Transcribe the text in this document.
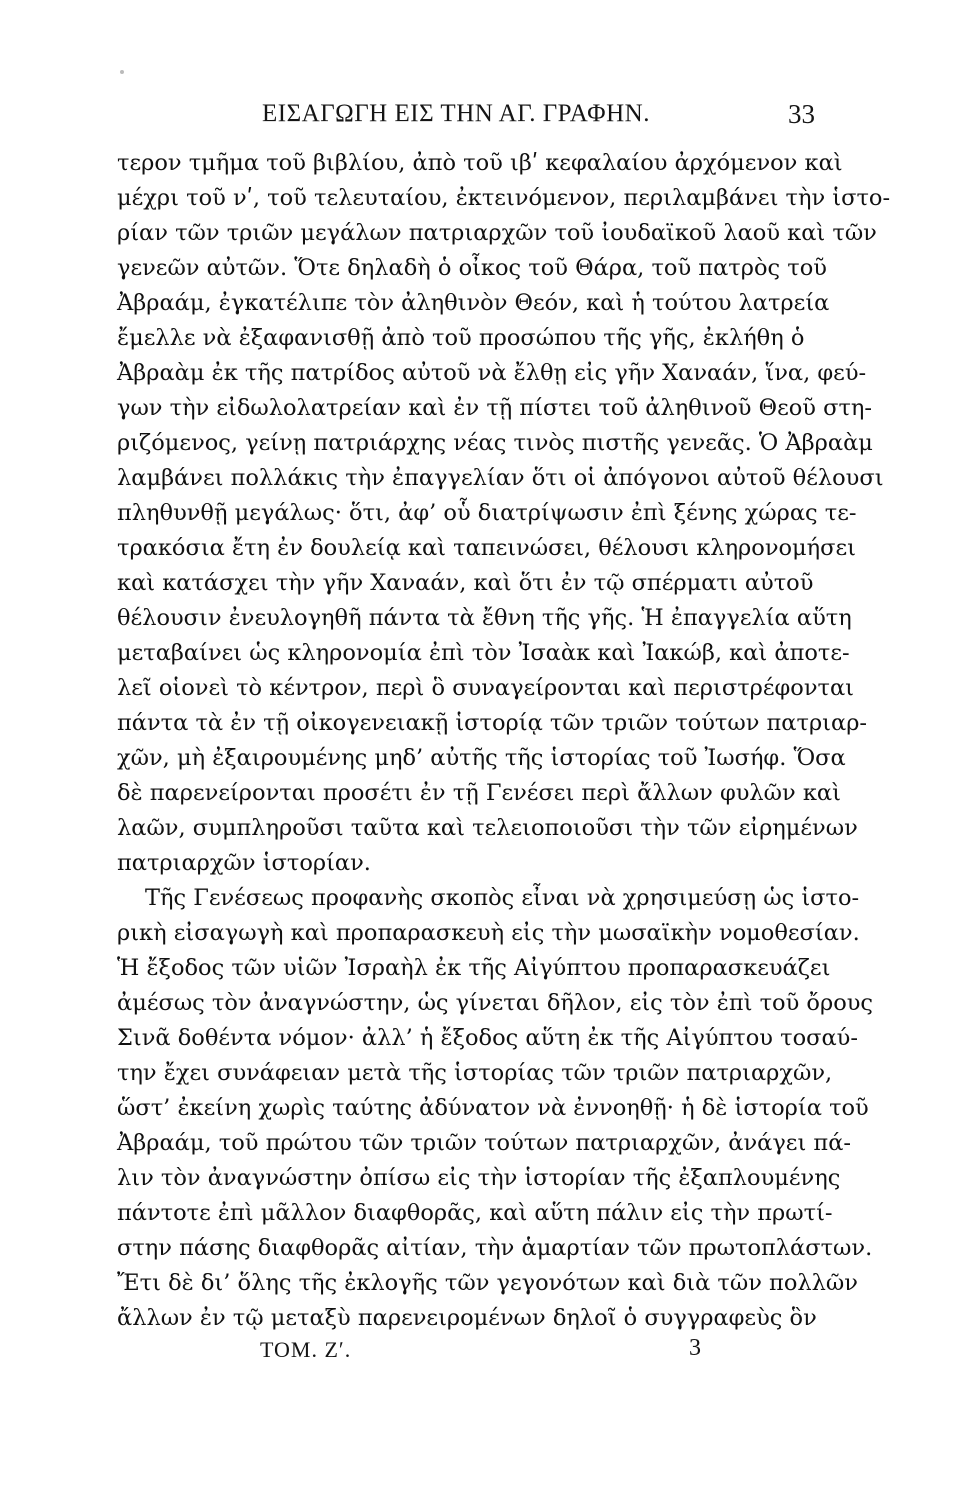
ΕΙΣΑΓΩΓΗ ΕΙΣ ΤΗΝ ΑΓ. ΓΡΑΦΗΝ.	33
τερον τμῆμα τοῦ βιβλίου, ἀπὸ τοῦ ιβʹ κεφαλαίου ἀρχόμενον καὶ
μέχρι τοῦ νʹ, τοῦ τελευταίου, ἐκτεινόμενον, περιλαμβάνει τὴν ἱστο-
ρίαν τῶν τριῶν μεγάλων πατριαρχῶν τοῦ ἰουδαϊκοῦ λαοῦ καὶ τῶν
γενεῶν αὐτῶν. Ὅτε δηλαδὴ ὁ οἶκος τοῦ Θάρα, τοῦ πατρὸς τοῦ
Ἀβραάμ, ἐγκατέλιπε τὸν ἀληθινὸν Θεόν, καὶ ἡ τούτου λατρεία
ἔμελλε νὰ ἐξαφανισθῇ ἀπὸ τοῦ προσώπου τῆς γῆς, ἐκλήθη ὁ
Ἀβραὰμ ἐκ τῆς πατρίδος αὐτοῦ νὰ ἔλθῃ εἰς γῆν Χαναάν, ἵνα, φεύ-
γων τὴν εἰδωλολατρείαν καὶ ἐν τῇ πίστει τοῦ ἀληθινοῦ Θεοῦ στη-
ριζόμενος, γείνῃ πατριάρχης νέας τινὸς πιστῆς γενεᾶς. Ὁ Ἀβραὰμ
λαμβάνει πολλάκις τὴν ἐπαγγελίαν ὅτι οἱ ἀπόγονοι αὐτοῦ θέλουσι
πληθυνθῇ μεγάλως· ὅτι, ἀφ’ οὗ διατρίψωσιν ἐπὶ ξένης χώρας τε-
τρακόσια ἔτη ἐν δουλείᾳ καὶ ταπεινώσει, θέλουσι κληρονομήσει
καὶ κατάσχει τὴν γῆν Χαναάν, καὶ ὅτι ἐν τῷ σπέρματι αὐτοῦ
θέλουσιν ἐνευλογηθῆ πάντα τὰ ἔθνη τῆς γῆς. Ἡ ἐπαγγελία αὕτη
μεταβαίνει ὡς κληρονομία ἐπὶ τὸν Ἰσαὰκ καὶ Ἰακώβ, καὶ ἀποτε-
λεῖ οἱονεὶ τὸ κέντρον, περὶ ὃ συναγείρονται καὶ περιστρέφονται
πάντα τὰ ἐν τῇ οἰκογενειακῇ ἱστορίᾳ τῶν τριῶν τούτων πατριαρ-
χῶν, μὴ ἐξαιρουμένης μηδ’ αὐτῆς τῆς ἱστορίας τοῦ Ἰωσήφ. Ὅσα
δὲ παρενείρονται προσέτι ἐν τῇ Γενέσει περὶ ἄλλων φυλῶν καὶ
λαῶν, συμπληροῦσι ταῦτα καὶ τελειοποιοῦσι τὴν τῶν εἰρημένων
πατριαρχῶν ἱστορίαν.
Τῆς Γενέσεως προφανὴς σκοπὸς εἶναι νὰ χρησιμεύσῃ ὡς ἱστο-
ρικὴ εἰσαγωγὴ καὶ προπαρασκευὴ εἰς τὴν μωσαϊκὴν νομοθεσίαν.
Ἡ ἔξοδος τῶν υἱῶν Ἰσραὴλ ἐκ τῆς Αἰγύπτου προπαρασκευάζει
ἀμέσως τὸν ἀναγνώστην, ὡς γίνεται δῆλον, εἰς τὸν ἐπὶ τοῦ ὄρους
Σινᾶ δοθέντα νόμον· ἀλλ’ ἡ ἔξοδος αὕτη ἐκ τῆς Αἰγύπτου τοσαύ-
την ἔχει συνάφειαν μετὰ τῆς ἱστορίας τῶν τριῶν πατριαρχῶν,
ὥστ’ ἐκείνη χωρὶς ταύτης ἀδύνατον νὰ ἐννοηθῇ· ἡ δὲ ἱστορία τοῦ
Ἀβραάμ, τοῦ πρώτου τῶν τριῶν τούτων πατριαρχῶν, ἀνάγει πά-
λιν τὸν ἀναγνώστην ὀπίσω εἰς τὴν ἱστορίαν τῆς ἐξαπλουμένης
πάντοτε ἐπὶ μᾶλλον διαφθορᾶς, καὶ αὕτη πάλιν εἰς τὴν πρωτί-
στην πάσης διαφθορᾶς αἰτίαν, τὴν ἁμαρτίαν τῶν πρωτοπλάστων.
Ἔτι δὲ δι’ ὅλης τῆς ἐκλογῆς τῶν γεγονότων καὶ διὰ τῶν πολλῶν
ἄλλων ἐν τῷ μεταξὺ παρενειρομένων δηλοῖ ὁ συγγραφεὺς ὃν
ΤΟΜ. Ζʹ.	3
